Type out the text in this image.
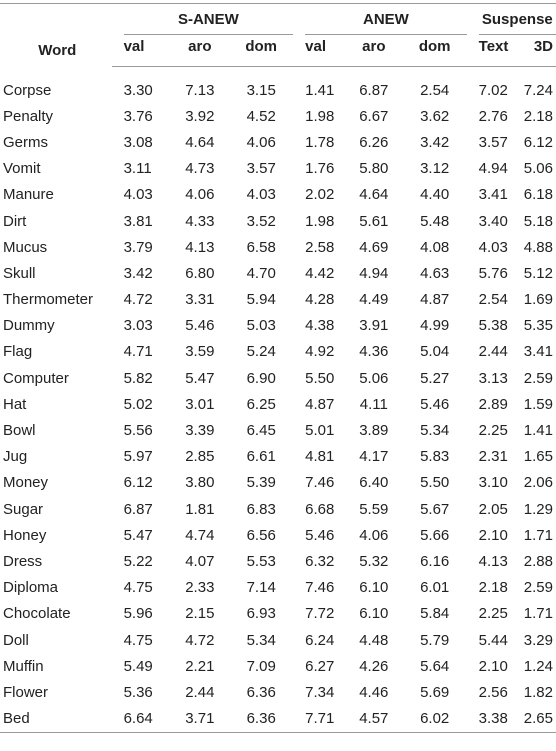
Word	S-ANEW			ANEW			Suspense	

	val	aro	dom	val	aro	dom	Text	3D

Corpse	3.30	7.13	3.15	1.41	6.87	2.54	7.02	7.24
Penalty	3.76	3.92	4.52	1.98	6.67	3.62	2.76	2.18
Germs	3.08	4.64	4.06	1.78	6.26	3.42	3.57	6.12
Vomit	3.11	4.73	3.57	1.76	5.80	3.12	4.94	5.06
Manure	4.03	4.06	4.03	2.02	4.64	4.40	3.41	6.18
Dirt	3.81	4.33	3.52	1.98	5.61	5.48	3.40	5.18
Mucus	3.79	4.13	6.58	2.58	4.69	4.08	4.03	4.88
Skull	3.42	6.80	4.70	4.42	4.94	4.63	5.76	5.12
Thermometer	4.72	3.31	5.94	4.28	4.49	4.87	2.54	1.69
Dummy	3.03	5.46	5.03	4.38	3.91	4.99	5.38	5.35
Flag	4.71	3.59	5.24	4.92	4.36	5.04	2.44	3.41
Computer	5.82	5.47	6.90	5.50	5.06	5.27	3.13	2.59
Hat	5.02	3.01	6.25	4.87	4.11	5.46	2.89	1.59
Bowl	5.56	3.39	6.45	5.01	3.89	5.34	2.25	1.41
Jug	5.97	2.85	6.61	4.81	4.17	5.83	2.31	1.65
Money	6.12	3.80	5.39	7.46	6.40	5.50	3.10	2.06
Sugar	6.87	1.81	6.83	6.68	5.59	5.67	2.05	1.29
Honey	5.47	4.74	6.56	5.46	4.06	5.66	2.10	1.71
Dress	5.22	4.07	5.53	6.32	5.32	6.16	4.13	2.88
Diploma	4.75	2.33	7.14	7.46	6.10	6.01	2.18	2.59
Chocolate	5.96	2.15	6.93	7.72	6.10	5.84	2.25	1.71
Doll	4.75	4.72	5.34	6.24	4.48	5.79	5.44	3.29
Muffin	5.49	2.21	7.09	6.27	4.26	5.64	2.10	1.24
Flower	5.36	2.44	6.36	7.34	4.46	5.69	2.56	1.82
Bed	6.64	3.71	6.36	7.71	4.57	6.02	3.38	2.65
